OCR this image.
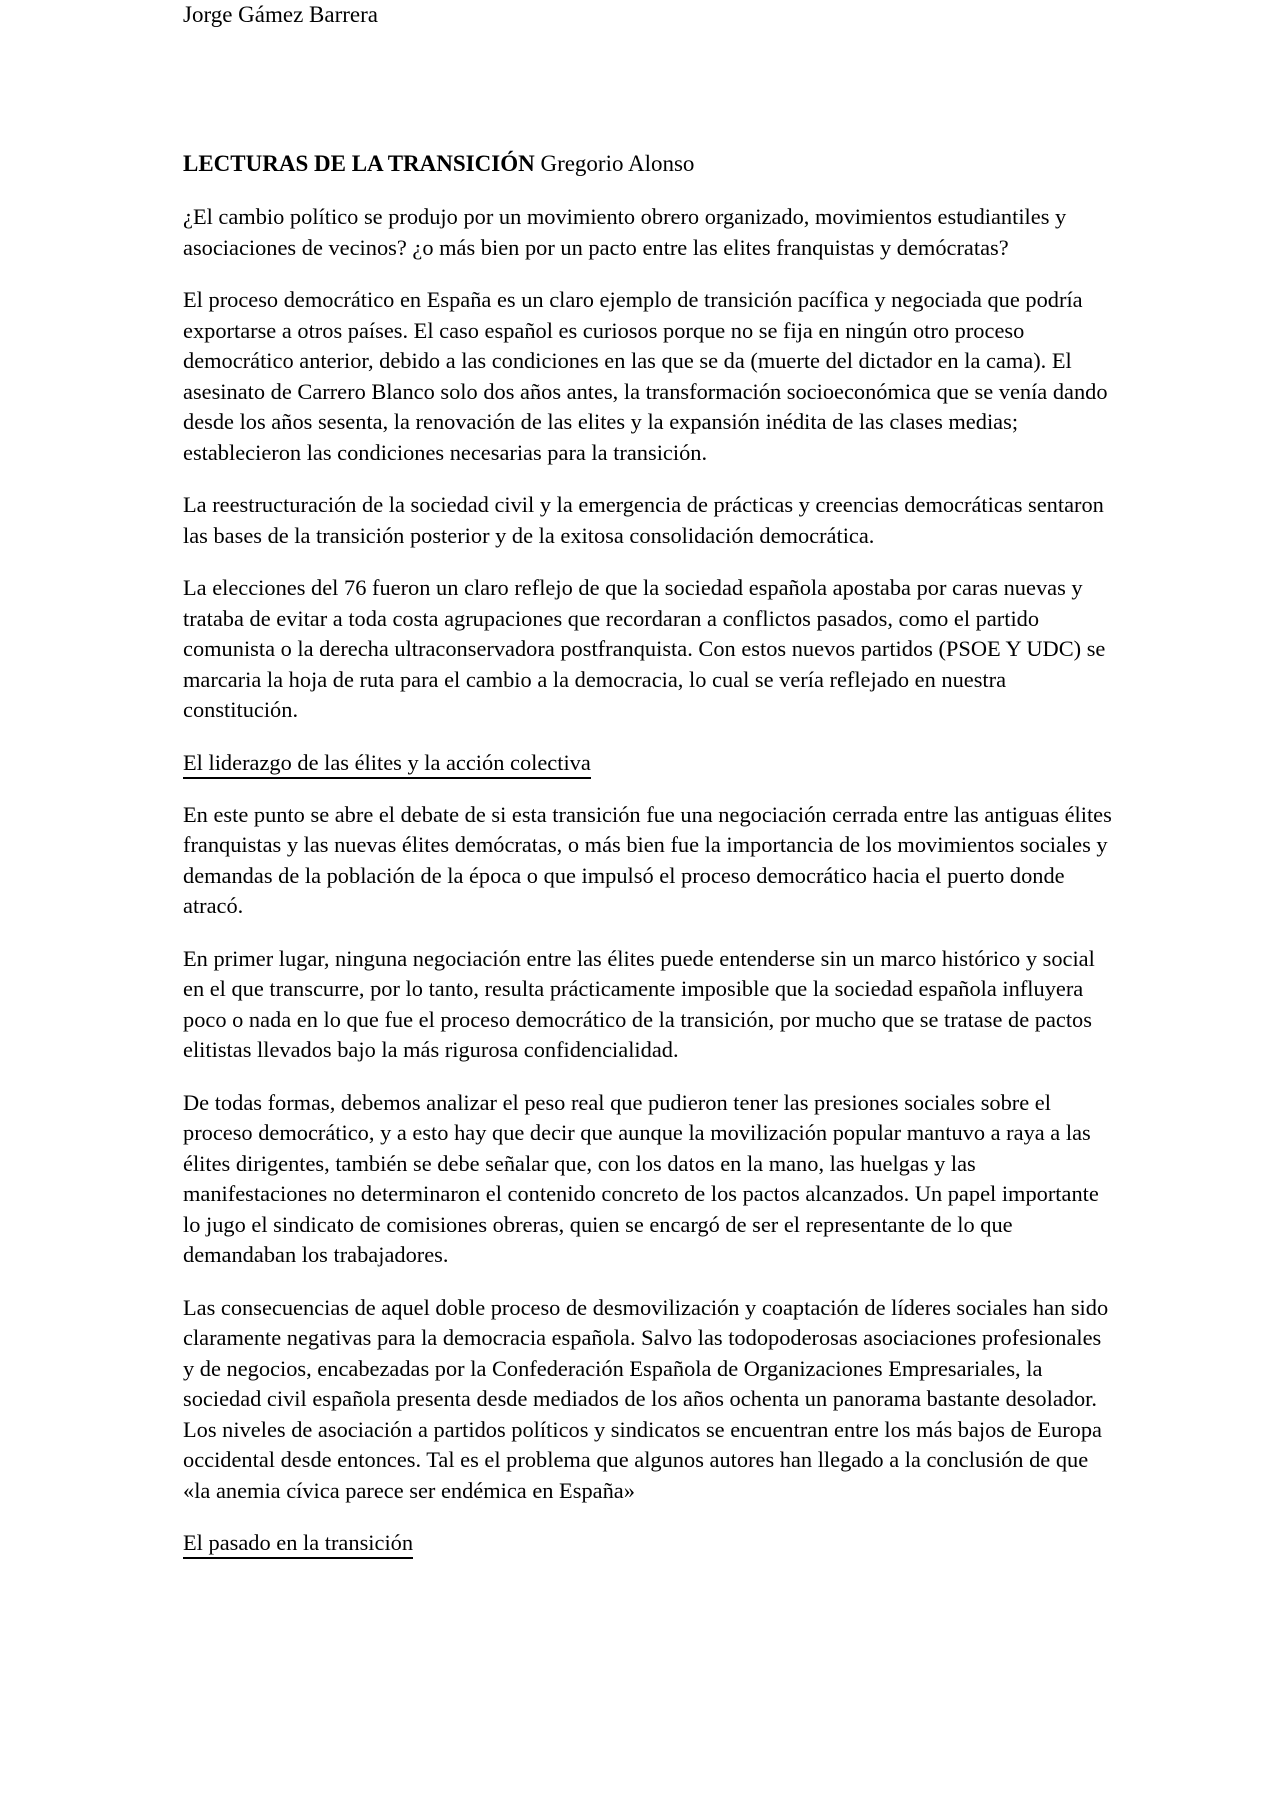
Jorge Gámez Barrera
LECTURAS DE LA TRANSICIÓN Gregorio Alonso

¿El cambio político se produjo por un movimiento obrero organizado, movimientos estudiantiles y asociaciones de vecinos? ¿o más bien por un pacto entre las elites franquistas y demócratas?

El proceso democrático en España es un claro ejemplo de transición pacífica y negociada que podría exportarse a otros países. El caso español es curiosos porque no se fija en ningún otro proceso democrático anterior, debido a las condiciones en las que se da (muerte del dictador en la cama). El asesinato de Carrero Blanco solo dos años antes, la transformación socioeconómica que se venía dando desde los años sesenta, la renovación de las elites y la expansión inédita de las clases medias; establecieron las condiciones necesarias para la transición.

La reestructuración de la sociedad civil y la emergencia de prácticas y creencias democráticas sentaron las bases de la transición posterior y de la exitosa consolidación democrática.

La elecciones del 76 fueron un claro reflejo de que la sociedad española apostaba por caras nuevas y trataba de evitar a toda costa agrupaciones que recordaran a conflictos pasados, como el partido comunista o la derecha ultraconservadora postfranquista. Con estos nuevos partidos (PSOE Y UDC) se marcaria la hoja de ruta para el cambio a la democracia, lo cual se vería reflejado en nuestra constitución.

El liderazgo de las élites y la acción colectiva

En este punto se abre el debate de si esta transición fue una negociación cerrada entre las antiguas élites franquistas y las nuevas élites demócratas, o más bien fue la importancia de los movimientos sociales y demandas de la población de la época o que impulsó el proceso democrático hacia el puerto donde atracó.

En primer lugar, ninguna negociación entre las élites puede entenderse sin un marco histórico y social en el que transcurre, por lo tanto, resulta prácticamente imposible que la sociedad española influyera poco o nada en lo que fue el proceso democrático de la transición, por mucho que se tratase de pactos elitistas llevados bajo la más rigurosa confidencialidad.

De todas formas, debemos analizar el peso real que pudieron tener las presiones sociales sobre el proceso democrático, y a esto hay que decir que aunque la movilización popular mantuvo a raya a las élites dirigentes, también se debe señalar que, con los datos en la mano, las huelgas y las manifestaciones no determinaron el contenido concreto de los pactos alcanzados. Un papel importante lo jugo el sindicato de comisiones obreras, quien se encargó de ser el representante de lo que demandaban los trabajadores.

Las consecuencias de aquel doble proceso de desmovilización y coaptación de líderes sociales han sido claramente negativas para la democracia española. Salvo las todopoderosas asociaciones profesionales y de negocios, encabezadas por la Confederación Española de Organizaciones Empresariales, la sociedad civil española presenta desde mediados de los años ochenta un panorama bastante desolador. Los niveles de asociación a partidos políticos y sindicatos se encuentran entre los más bajos de Europa occidental desde entonces. Tal es el problema que algunos autores han llegado a la conclusión de que «la anemia cívica parece ser endémica en España»

El pasado en la transición
